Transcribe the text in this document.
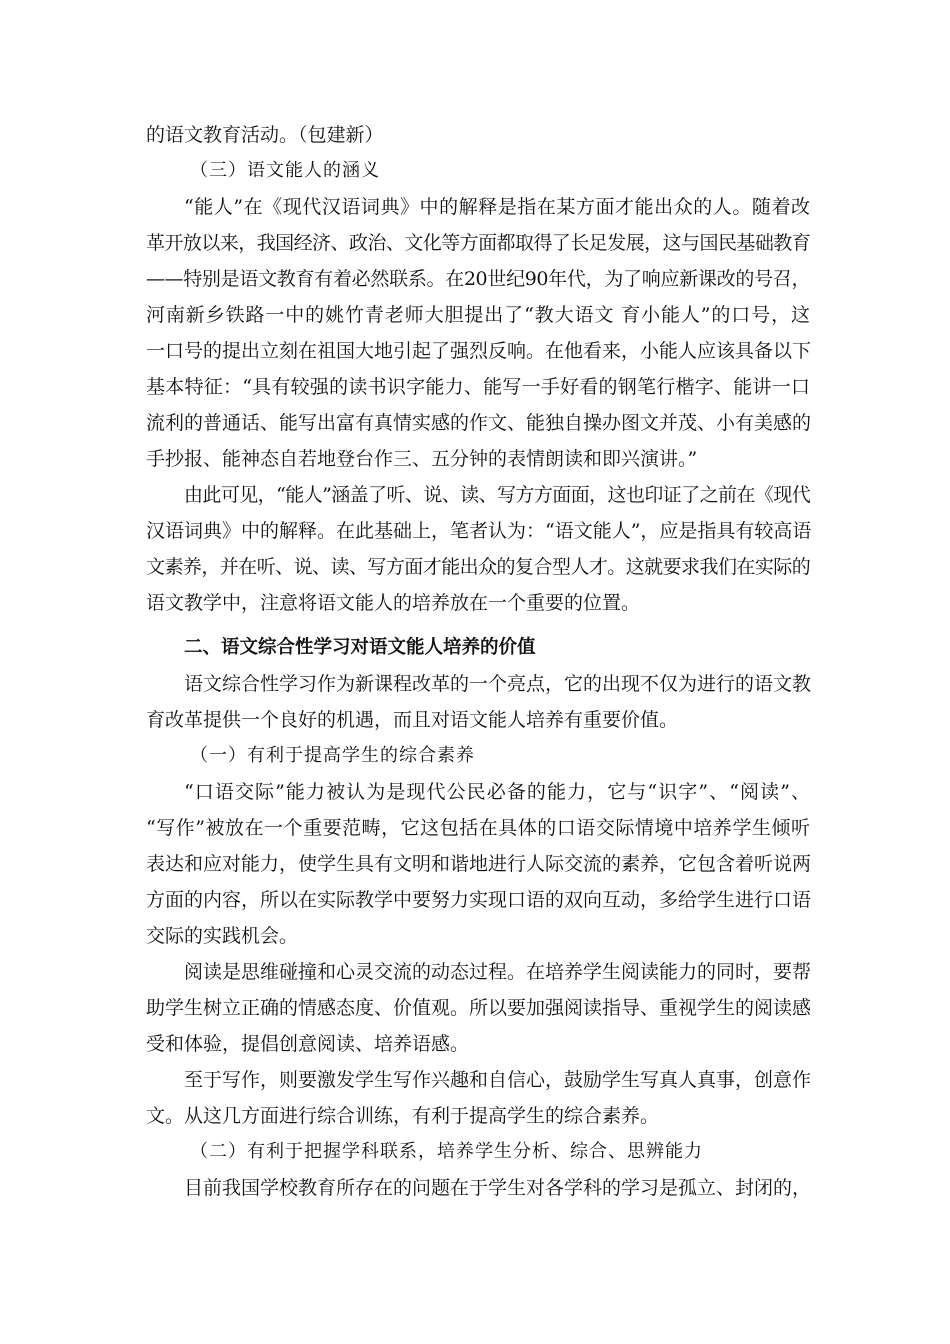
的语文教育活动。（包建新）
（三）语文能人的涵义
“能人”在《现代汉语词典》中的解释是指在某方面才能出众的人。随着改
革开放以来，我国经济、政治、文化等方面都取得了长足发展，这与国民基础教育
——特别是语文教育有着必然联系。在20世纪90年代，为了响应新课改的号召，
河南新乡铁路一中的姚竹青老师大胆提出了“教大语文 育小能人”的口号，这
一口号的提出立刻在祖国大地引起了强烈反响。在他看来，小能人应该具备以下
基本特征：“具有较强的读书识字能力、能写一手好看的钢笔行楷字、能讲一口
流利的普通话、能写出富有真情实感的作文、能独自操办图文并茂、小有美感的
手抄报、能神态自若地登台作三、五分钟的表情朗读和即兴演讲。”
由此可见，“能人”涵盖了听、说、读、写方方面面，这也印证了之前在《现代
汉语词典》中的解释。在此基础上，笔者认为：“语文能人”，应是指具有较高语
文素养，并在听、说、读、写方面才能出众的复合型人才。这就要求我们在实际的
语文教学中，注意将语文能人的培养放在一个重要的位置。
二、语文综合性学习对语文能人培养的价值
语文综合性学习作为新课程改革的一个亮点，它的出现不仅为进行的语文教
育改革提供一个良好的机遇，而且对语文能人培养有重要价值。
（一）有利于提高学生的综合素养
“口语交际”能力被认为是现代公民必备的能力，它与“识字”、“阅读”、
“写作”被放在一个重要范畴，它这包括在具体的口语交际情境中培养学生倾听
表达和应对能力，使学生具有文明和谐地进行人际交流的素养，它包含着听说两
方面的内容，所以在实际教学中要努力实现口语的双向互动，多给学生进行口语
交际的实践机会。
阅读是思维碰撞和心灵交流的动态过程。在培养学生阅读能力的同时，要帮
助学生树立正确的情感态度、价值观。所以要加强阅读指导、重视学生的阅读感
受和体验，提倡创意阅读、培养语感。
至于写作，则要激发学生写作兴趣和自信心，鼓励学生写真人真事，创意作
文。从这几方面进行综合训练，有利于提高学生的综合素养。
（二）有利于把握学科联系，培养学生分析、综合、思辨能力
目前我国学校教育所存在的问题在于学生对各学科的学习是孤立、封闭的，
